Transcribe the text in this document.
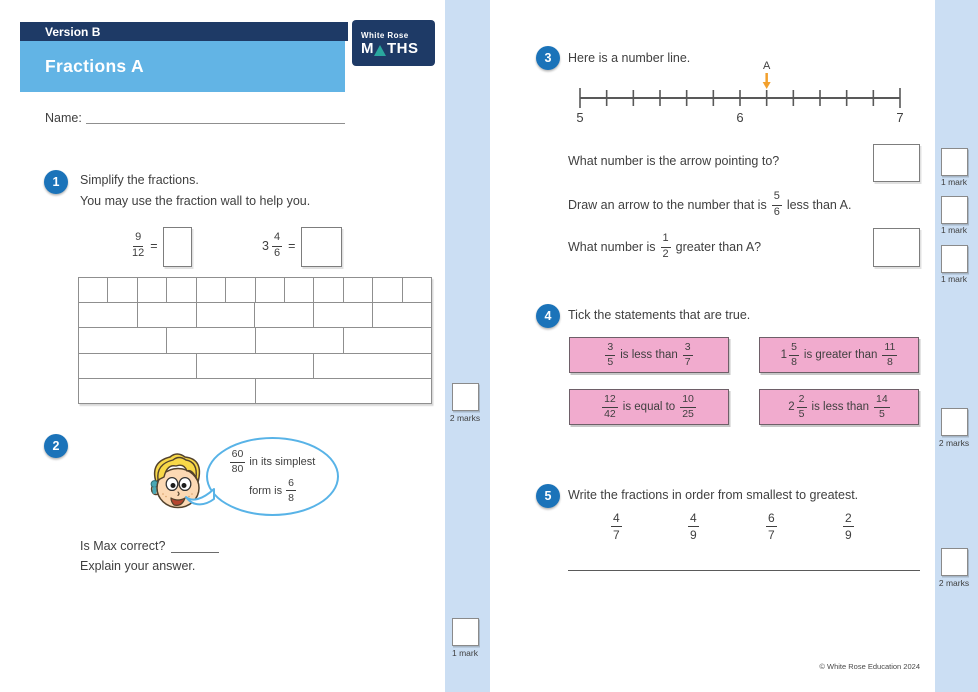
Version B
Fractions A
White Rose
M THS
Name:
1	Simplify the fractions.
You may use the fraction wall to help you.
$\frac{9}{12}$ =	$3 \frac{4}{6}$ =
2 marks
2
$\frac{60}{80}$ in its simplest
form is $\frac{6}{8}$
Is Max correct?
Explain your answer.
1 mark
3	Here is a number line.
5	6	7
A
What number is the arrow pointing to?
Draw an arrow to the number that is $\frac{5}{6}$ less than A.
What number is $\frac{1}{2}$ greater than A?
1 mark
1 mark
1 mark
4	Tick the statements that are true.
$\frac{3}{5}$ is less than $\frac{3}{7}$	$1 \frac{5}{8}$ is greater than $\frac{11}{8}$
$\frac{12}{42}$ is equal to $\frac{10}{25}$	$2 \frac{2}{5}$ is less than $\frac{14}{5}$
2 marks
5	Write the fractions in order from smallest to greatest.
$\frac{4}{7}$	$\frac{4}{9}$	$\frac{6}{7}$	$\frac{2}{9}$
2 marks
© White Rose Education 2024
